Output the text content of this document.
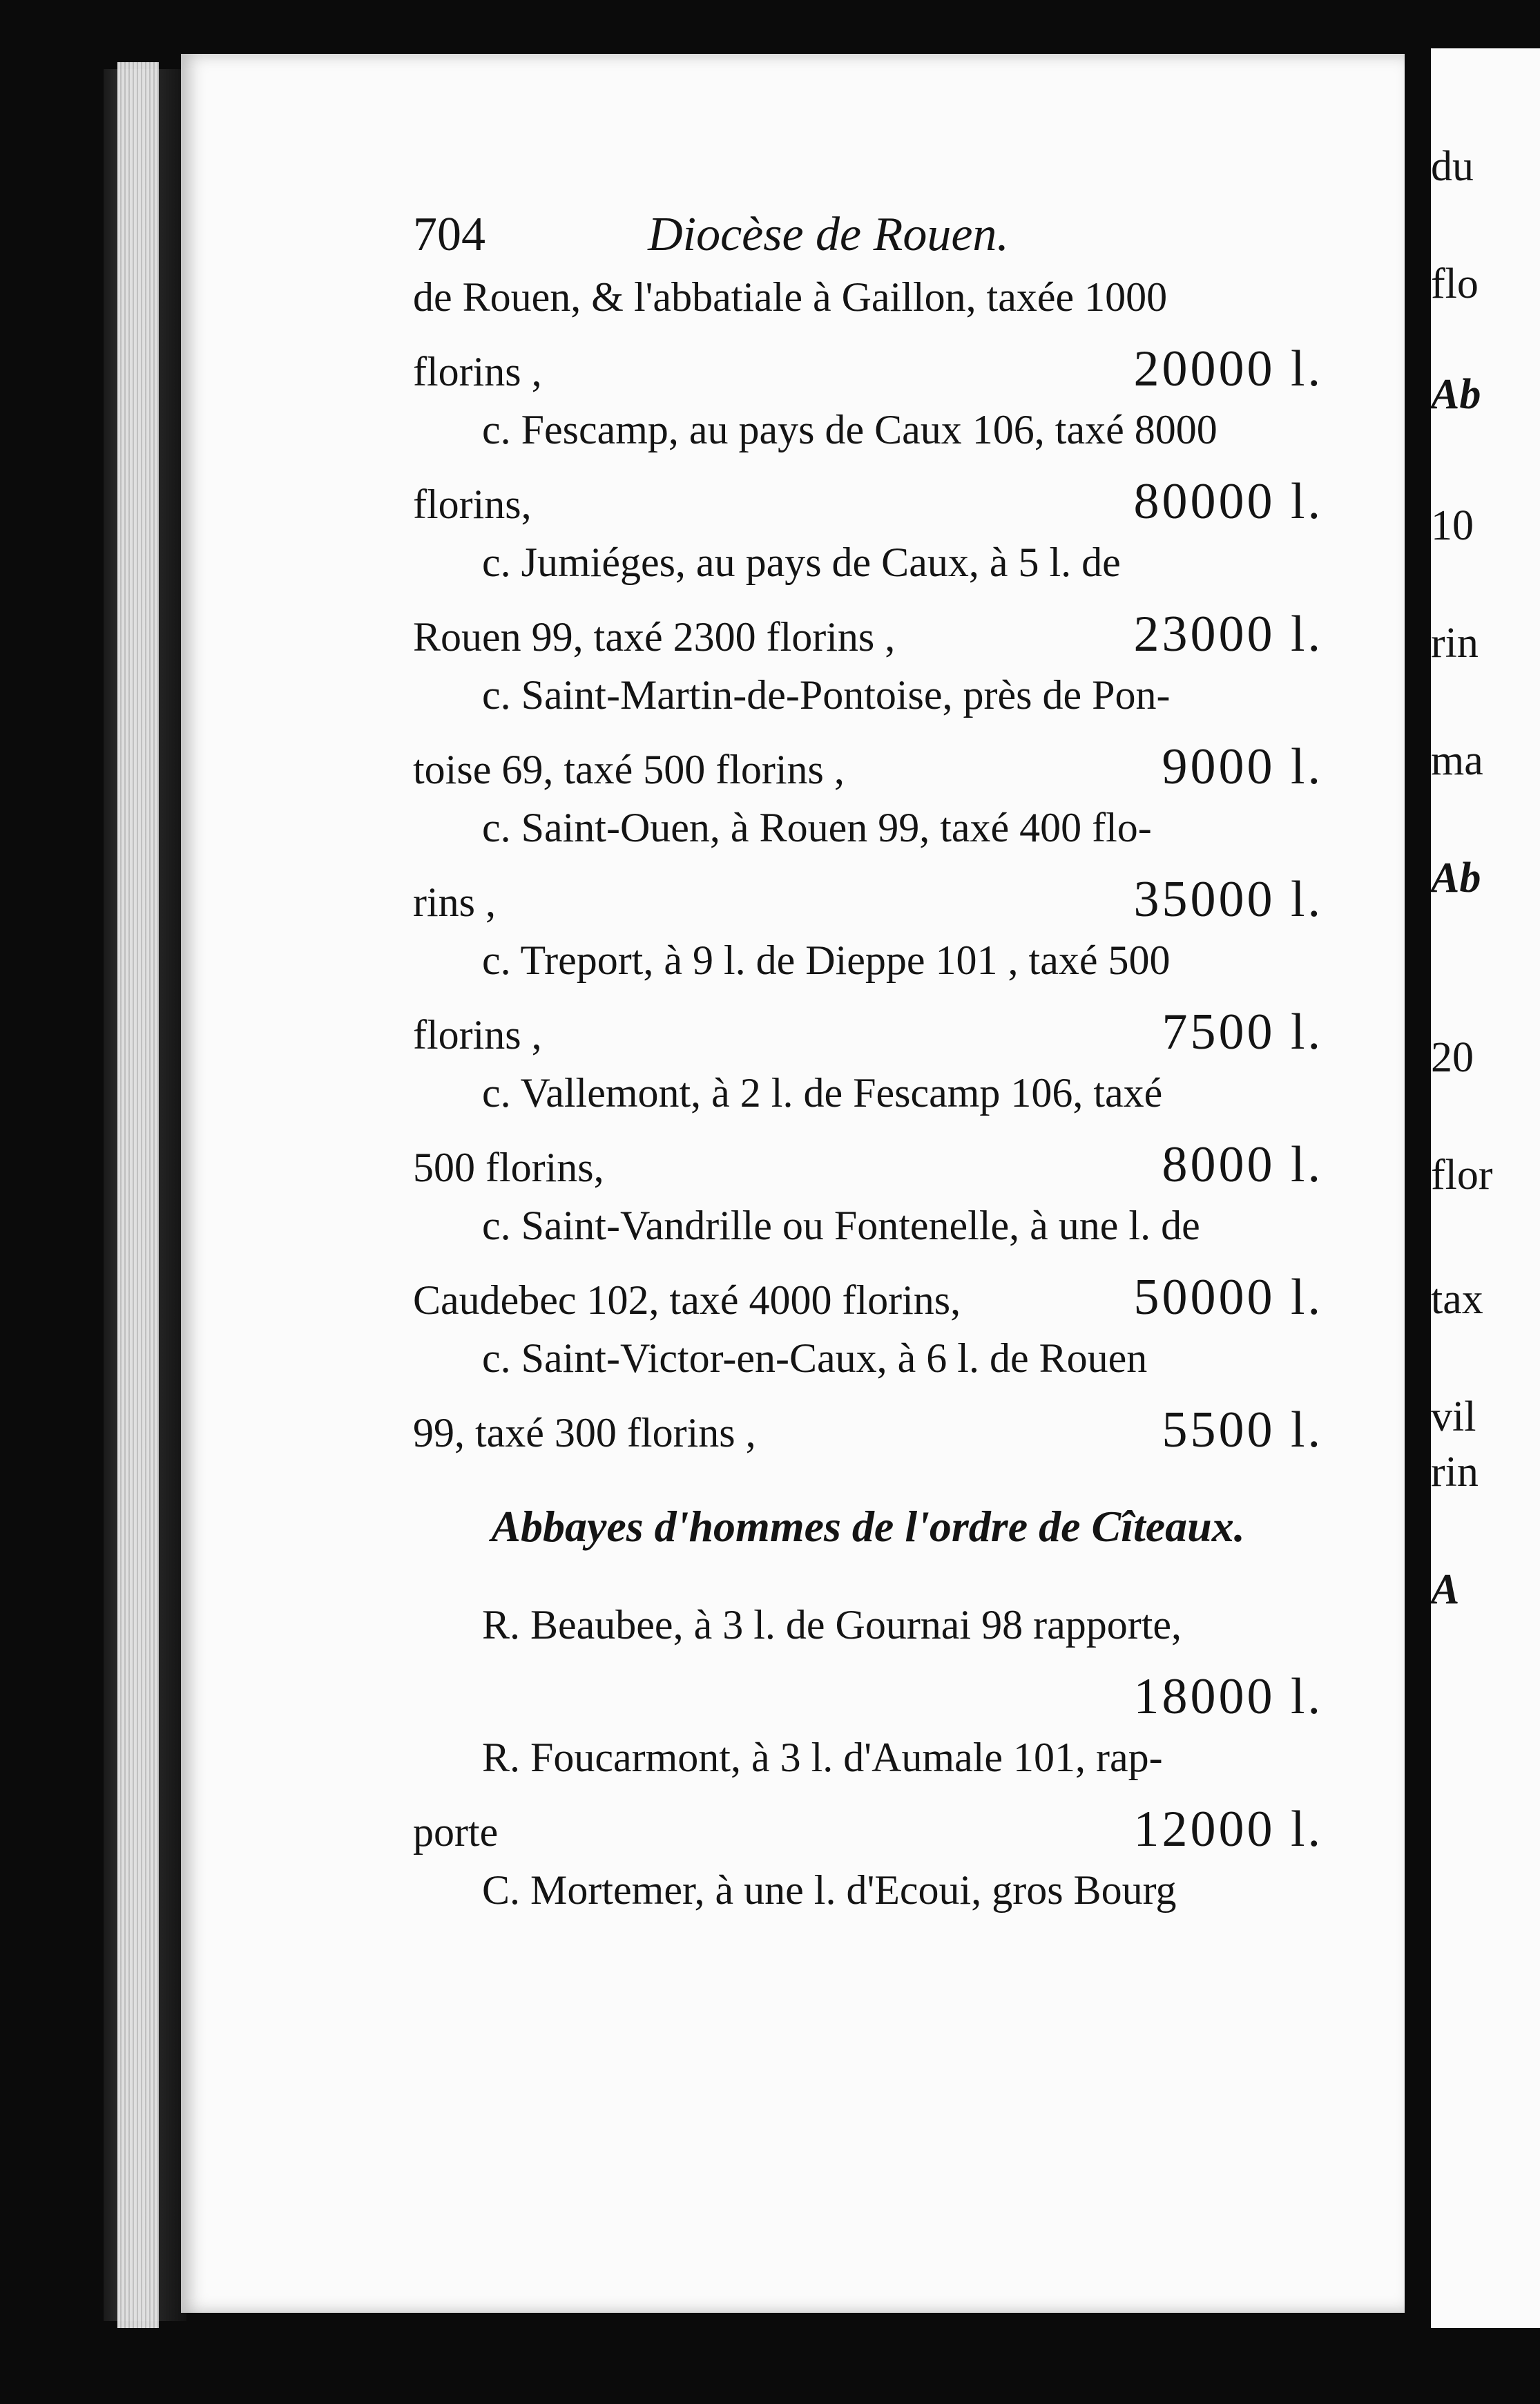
704	Diocèse de Rouen.
de Rouen, & l'abbatiale à Gaillon, taxée 1000
florins ,	20000 l.
c. Fescamp, au pays de Caux 106, taxé 8000
florins,	80000 l.
c. Jumiéges, au pays de Caux, à 5 l. de
Rouen 99, taxé 2300 florins ,	23000 l.
c. Saint-Martin-de-Pontoise, près de Pon-
toise 69, taxé 500 florins ,	9000 l.
c. Saint-Ouen, à Rouen 99, taxé 400 flo-
rins ,	35000 l.
c. Treport, à 9 l. de Dieppe 101 , taxé 500
florins ,	7500 l.
c. Vallemont, à 2 l. de Fescamp 106, taxé
500 florins,	8000 l.
c. Saint-Vandrille ou Fontenelle, à une l. de
Caudebec 102, taxé 4000 florins,	50000 l.
c. Saint-Victor-en-Caux, à 6 l. de Rouen
99, taxé 300 florins ,	5500 l.
Abbayes d'hommes de l'ordre de Cîteaux.
R. Beaubee, à 3 l. de Gournai 98 rapporte,
18000 l.
R. Foucarmont, à 3 l. d'Aumale 101, rap-
porte	12000 l.
C. Mortemer, à une l. d'Ecoui, gros Bourg
du
flo
Ab
10
rin
ma
Ab
20
flor
tax
vil
rin
A
